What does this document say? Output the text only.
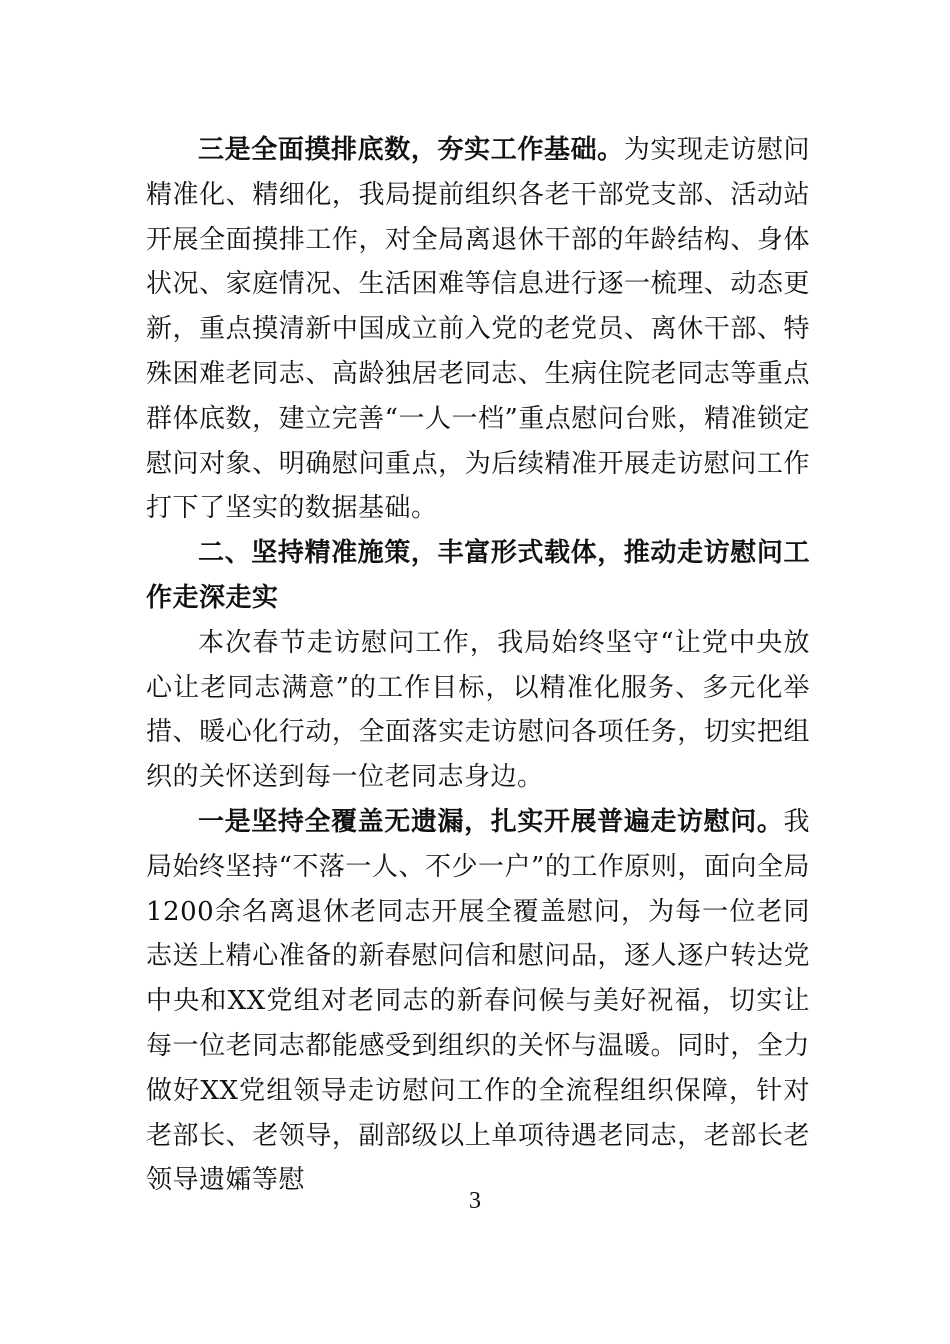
三是全面摸排底数，夯实工作基础。为实现走访慰问精准化、精细化，我局提前组织各老干部党支部、活动站开展全面摸排工作，对全局离退休干部的年龄结构、身体状况、家庭情况、生活困难等信息进行逐一梳理、动态更新，重点摸清新中国成立前入党的老党员、离休干部、特殊困难老同志、高龄独居老同志、生病住院老同志等重点群体底数，建立完善“一人一档”重点慰问台账，精准锁定慰问对象、明确慰问重点，为后续精准开展走访慰问工作打下了坚实的数据基础。

二、坚持精准施策，丰富形式载体，推动走访慰问工作走深走实

本次春节走访慰问工作，我局始终坚守“让党中央放心让老同志满意”的工作目标，以精准化服务、多元化举措、暖心化行动，全面落实走访慰问各项任务，切实把组织的关怀送到每一位老同志身边。

一是坚持全覆盖无遗漏，扎实开展普遍走访慰问。我局始终坚持“不落一人、不少一户”的工作原则，面向全局1200余名离退休老同志开展全覆盖慰问，为每一位老同志送上精心准备的新春慰问信和慰问品，逐人逐户转达党中央和XX党组对老同志的新春问候与美好祝福，切实让每一位老同志都能感受到组织的关怀与温暖。同时，全力做好XX党组领导走访慰问工作的全流程组织保障，针对老部长、老领导，副部级以上单项待遇老同志，老部长老领导遗孀等慰

3
